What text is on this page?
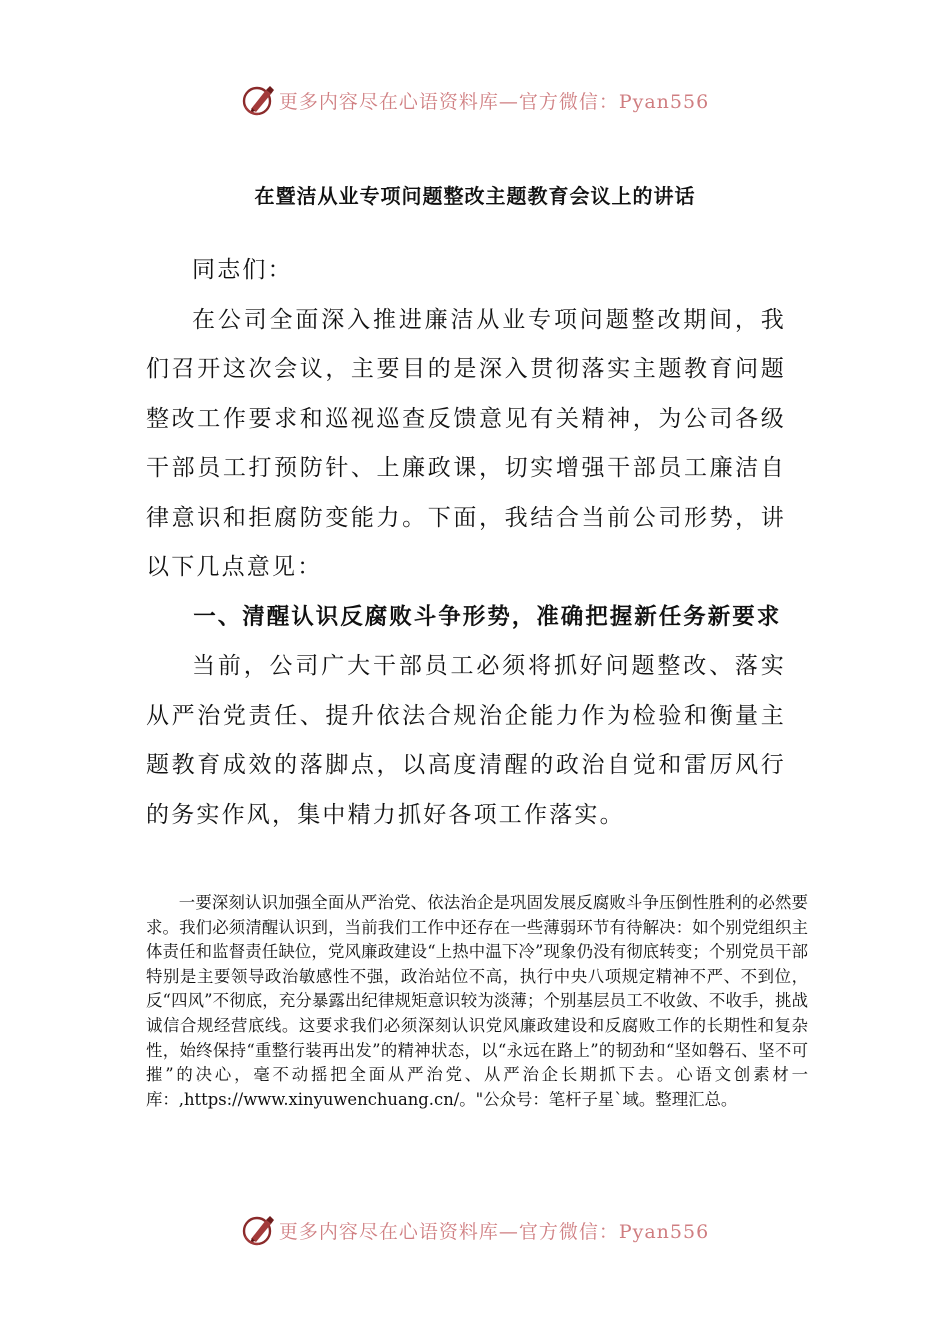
更多内容尽在心语资料库—官方微信：Pyan556
在暨洁从业专项问题整改主题教育会议上的讲话

同志们：

在公司全面深入推进廉洁从业专项问题整改期间，我们召开这次会议，主要目的是深入贯彻落实主题教育问题整改工作要求和巡视巡查反馈意见有关精神，为公司各级干部员工打预防针、上廉政课，切实增强干部员工廉洁自律意识和拒腐防变能力。下面，我结合当前公司形势，讲以下几点意见：

一、清醒认识反腐败斗争形势，准确把握新任务新要求

当前，公司广大干部员工必须将抓好问题整改、落实从严治党责任、提升依法合规治企能力作为检验和衡量主题教育成效的落脚点，以高度清醒的政治自觉和雷厉风行的务实作风，集中精力抓好各项工作落实。

一要深刻认识加强全面从严治党、依法治企是巩固发展反腐败斗争压倒性胜利的必然要求。我们必须清醒认识到，当前我们工作中还存在一些薄弱环节有待解决：如个别党组织主体责任和监督责任缺位，党风廉政建设“上热中温下冷”现象仍没有彻底转变；个别党员干部特别是主要领导政治敏感性不强，政治站位不高，执行中央八项规定精神不严、不到位，反“四风”不彻底，充分暴露出纪律规矩意识较为淡薄；个别基层员工不收敛、不收手，挑战诚信合规经营底线。这要求我们必须深刻认识党风廉政建设和反腐败工作的长期性和复杂性，始终保持“重整行装再出发”的精神状态，以“永远在路上”的韧劲和“坚如磐石、坚不可摧”的决心，毫不动摇把全面从严治党、从严治企长期抓下去。心语文创素材一库：,https://www.xinyuwenchuang.cn/。"公众号：笔杆子星`域。整理汇总。

更多内容尽在心语资料库—官方微信：Pyan556
